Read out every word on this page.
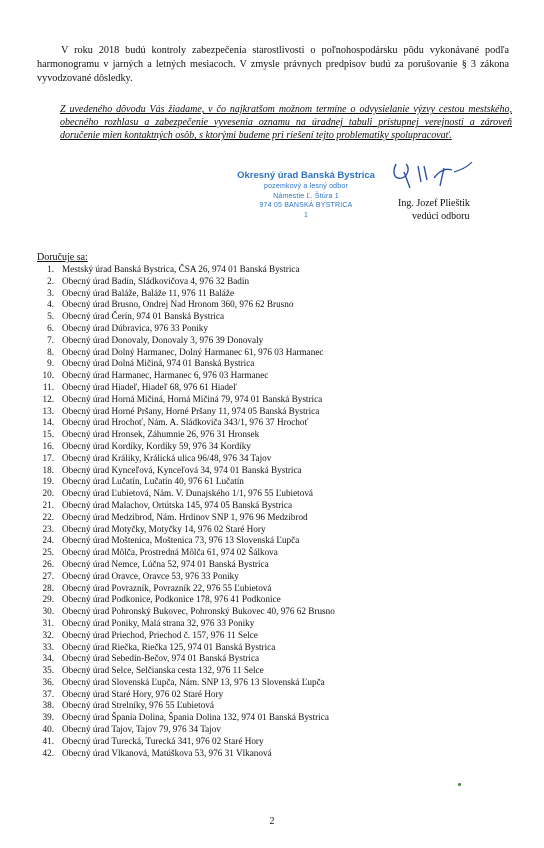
V roku 2018 budú kontroly zabezpečenia starostlivosti o poľnohospodársku pôdu vykonávané podľa harmonogramu v jarných a letných mesiacoch. V zmysle právnych predpisov budú za porušovanie § 3 zákona vyvodzované dôsledky.
Z uvedeného dôvodu Vás žiadame, v čo najkratšom možnom termíne o odvysielanie výzvy cestou mestského, obecného rozhlasu a zabezpečenie vyvesenia oznamu na úradnej tabuli prístupnej verejnosti a zároveň doručenie mien kontaktných osôb, s ktorými budeme pri riešení tejto problematiky spolupracovať.
Okresný úrad Banská Bystrica
pozemkový a lesný odbor
Námestie Ľ. Štúra 1
974 05 BANSKÁ BYSTRICA
1
Ing. Jozef Plieštik
vedúci odboru
Doručuje sa:
1. Mestský úrad Banská Bystrica, ČSA 26, 974 01 Banská Bystrica
2. Obecný úrad Badín, Sládkovičova 4, 976 32 Badín
3. Obecný úrad Baláže, Baláže 11, 976 11 Baláže
4. Obecný úrad Brusno, Ondrej Nad Hronom 360, 976 62 Brusno
5. Obecný úrad Čerín, 974 01 Banská Bystrica
6. Obecný úrad Dúbravica, 976 33 Poniky
7. Obecný úrad Donovaly, Donovaly 3, 976 39 Donovaly
8. Obecný úrad Dolný Harmanec, Dolný Harmanec 61, 976 03 Harmanec
9. Obecný úrad Dolná Mičiná, 974 01 Banská Bystrica
10. Obecný úrad Harmanec, Harmanec 6, 976 03 Harmanec
11. Obecný úrad Hiadeľ, Hiadeľ 68, 976 61 Hiadeľ
12. Obecný úrad Horná Mičiná, Horná Mičiná 79, 974 01 Banská Bystrica
13. Obecný úrad Horné Pršany, Horné Pršany 11, 974 05 Banská Bystrica
14. Obecný úrad Hrochoť, Nám. A. Sládkoviča 343/1, 976 37 Hrochoť
15. Obecný úrad Hronsek, Záhumnie 26, 976 31 Hronsek
16. Obecný úrad Kordíky, Kordíky 59, 976 34 Kordíky
17. Obecný úrad Králiky, Králická ulica 96/48, 976 34 Tajov
18. Obecný úrad Kynceľová, Kynceľová 34, 974 01 Banská Bystrica
19. Obecný úrad Lučatín, Lučatín 40, 976 61 Lučatín
20. Obecný úrad Ľubietová, Nám. V. Dunajského 1/1, 976 55 Ľubietová
21. Obecný úrad Malachov, Ortútska 145, 974 05 Banská Bystrica
22. Obecný úrad Medzibrod, Nám. Hrdinov SNP 1, 976 96 Medzibrod
23. Obecný úrad Motyčky, Motyčky 14, 976 02 Staré Hory
24. Obecný úrad Moštenica, Moštenica 73, 976 13 Slovenská Ľupča
25. Obecný úrad Môlča, Prostredná Môlča 61, 974 02 Šálkova
26. Obecný úrad Nemce, Lúčna 52, 974 01 Banská Bystrica
27. Obecný úrad Oravce, Oravce 53, 976 33 Poniky
28. Obecný úrad Povrazník, Povrazník 22, 976 55 Ľubietová
29. Obecný úrad Podkonice, Podkonice 178, 976 41 Podkonice
30. Obecný úrad Pohronský Bukovec, Pohronský Bukovec 40, 976 62 Brusno
31. Obecný úrad Poniky, Malá strana 32, 976 33 Poniky
32. Obecný úrad Priechod, Priechod č. 157, 976 11 Selce
33. Obecný úrad Riečka, Riečka 125, 974 01 Banská Bystrica
34. Obecný úrad Sebedín-Bečov, 974 01 Banská Bystrica
35. Obecný úrad Selce, Selčianska cesta 132, 976 11 Selce
36. Obecný úrad Slovenská Ľupča, Nám. SNP 13, 976 13 Slovenská Ľupča
37. Obecný úrad Staré Hory, 976 02 Staré Hory
38. Obecný úrad Strelníky, 976 55 Ľubietová
39. Obecný úrad Špania Dolina, Špania Dolina 132, 974 01 Banská Bystrica
40. Obecný úrad Tajov, Tajov 79, 976 34 Tajov
41. Obecný úrad Turecká, Turecká 341, 976 02 Staré Hory
42. Obecný úrad Vlkanová, Matúškova 53, 976 31 Vlkanová
2
